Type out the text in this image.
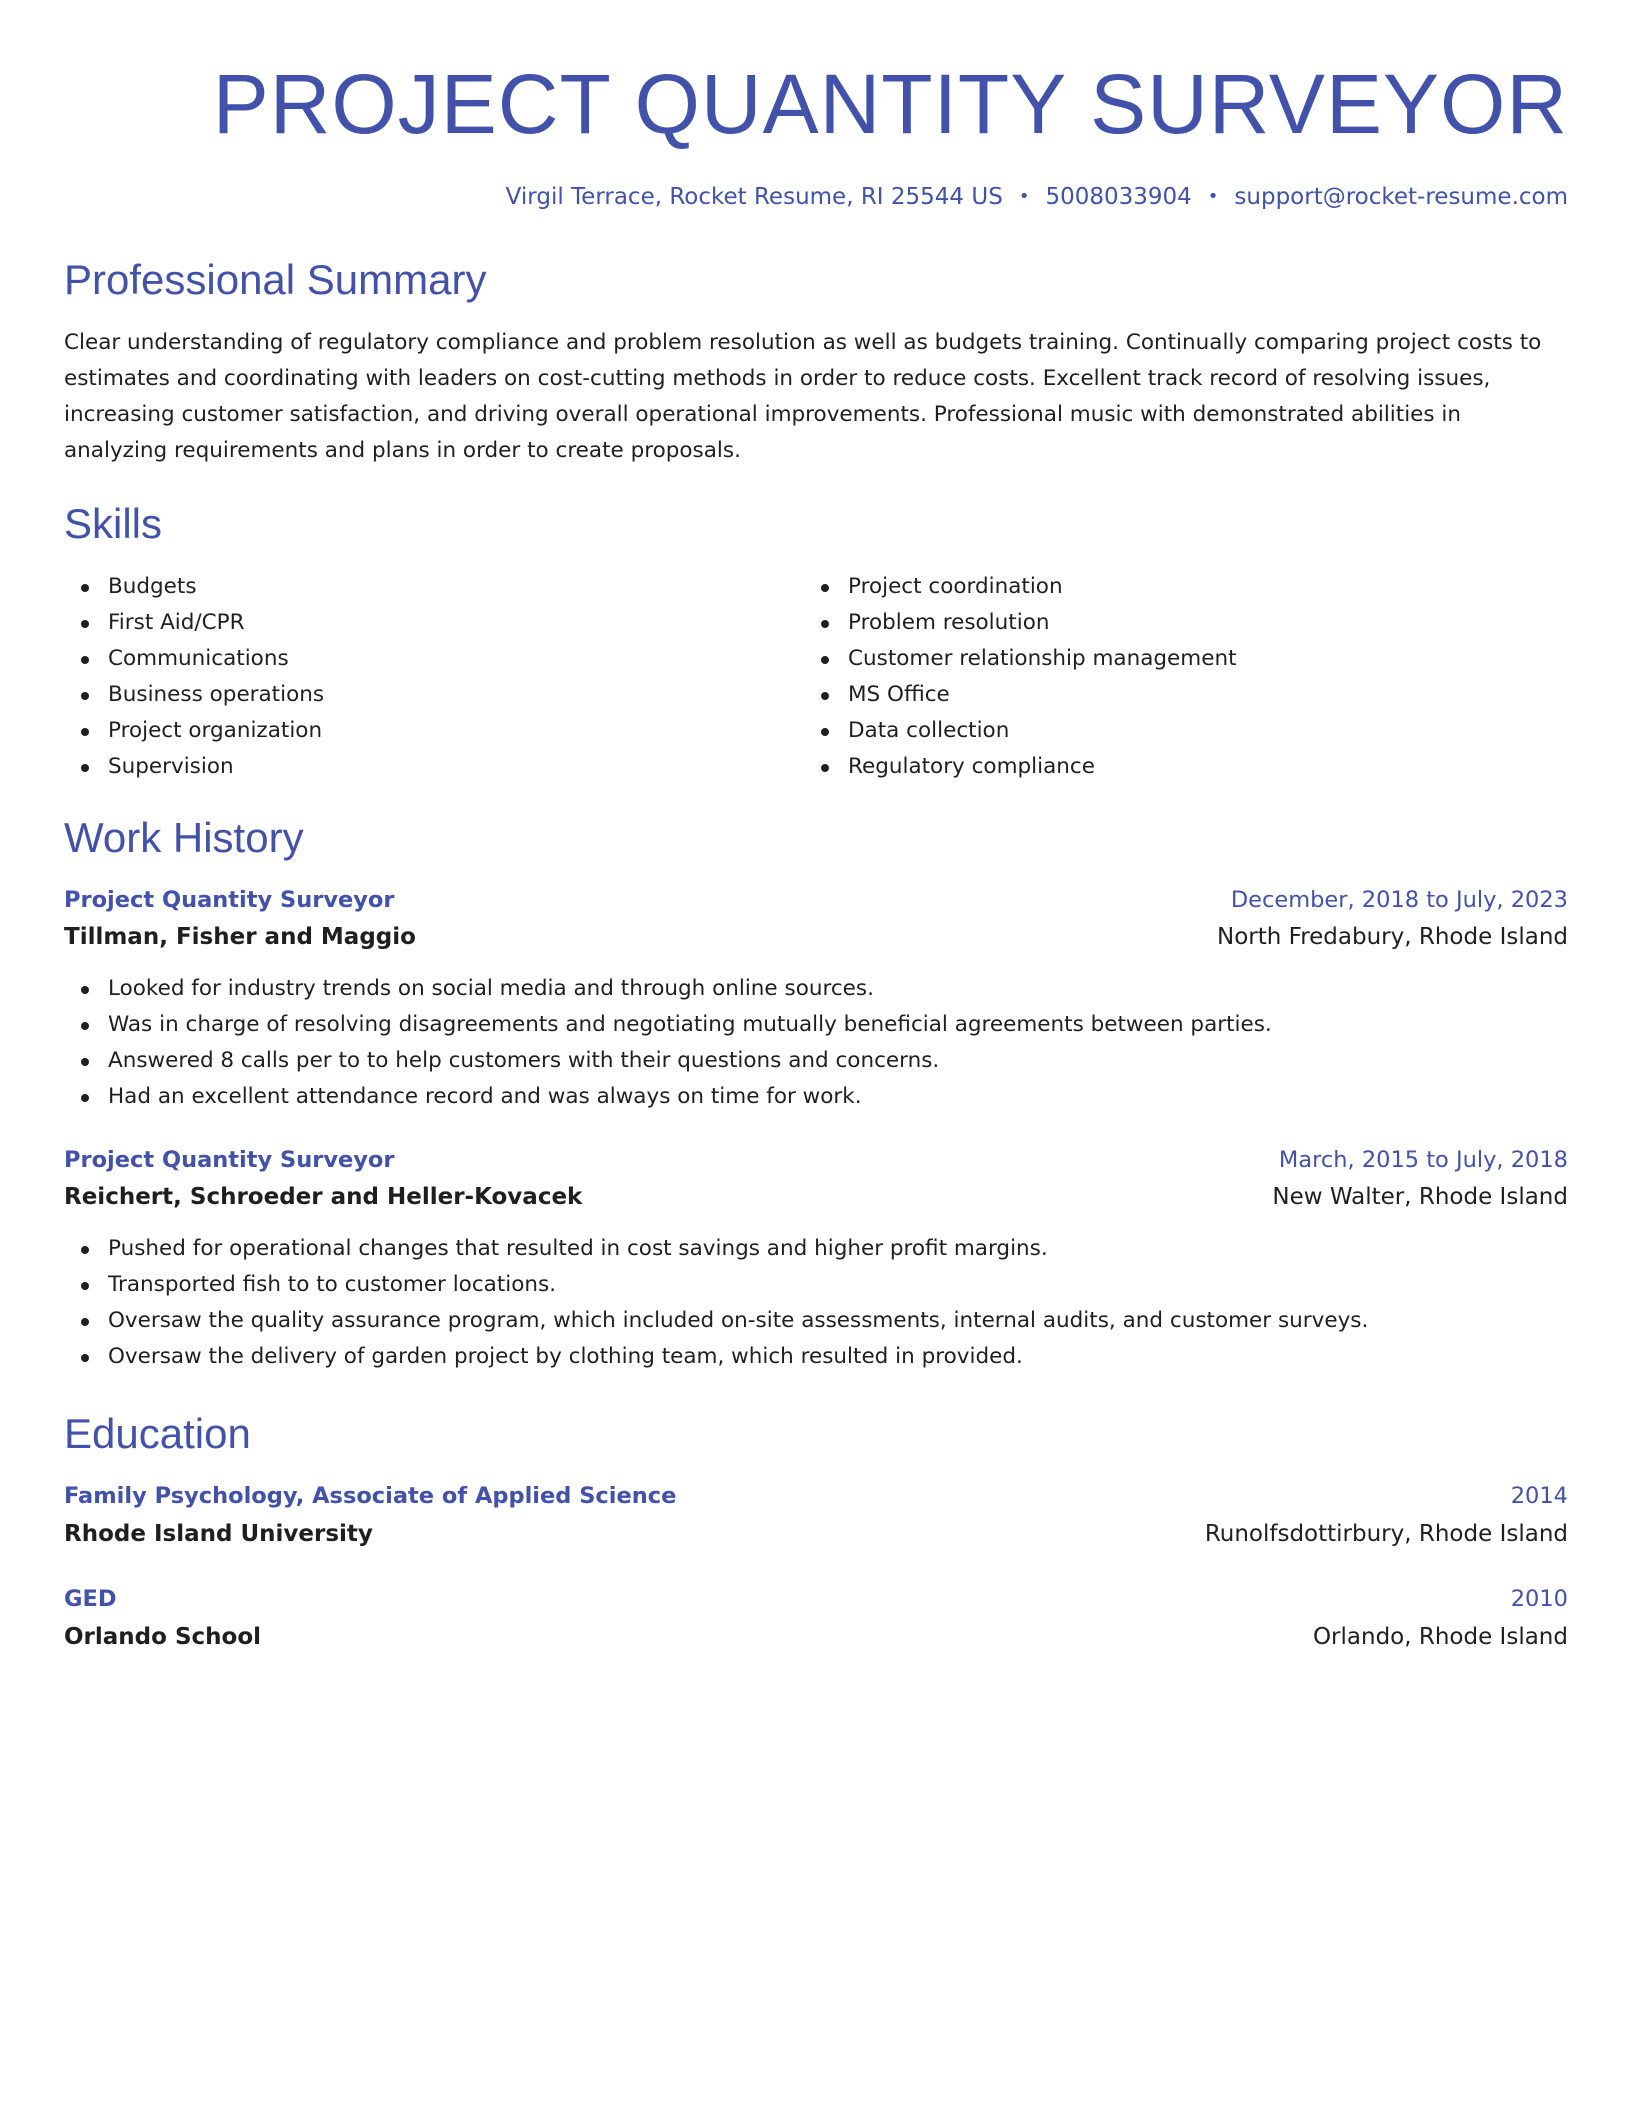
PROJECT QUANTITY SURVEYOR
Virgil Terrace, Rocket Resume, RI 25544 US • 5008033904 • support@rocket-resume.com
Professional Summary

Clear understanding of regulatory compliance and problem resolution as well as budgets training. Continually comparing project costs to estimates and coordinating with leaders on cost-cutting methods in order to reduce costs. Excellent track record of resolving issues, increasing customer satisfaction, and driving overall operational improvements. Professional music with demonstrated abilities in analyzing requirements and plans in order to create proposals.

Skills
Budgets
First Aid/CPR
Communications
Business operations
Project organization
Supervision
Project coordination
Problem resolution
Customer relationship management
MS Office
Data collection
Regulatory compliance
Work History
Project Quantity Surveyor	December, 2018 to July, 2023
Tillman, Fisher and Maggio	North Fredabury, Rhode Island
Looked for industry trends on social media and through online sources.
Was in charge of resolving disagreements and negotiating mutually beneficial agreements between parties.
Answered 8 calls per to to help customers with their questions and concerns.
Had an excellent attendance record and was always on time for work.
Project Quantity Surveyor	March, 2015 to July, 2018
Reichert, Schroeder and Heller-Kovacek	New Walter, Rhode Island
Pushed for operational changes that resulted in cost savings and higher profit margins.
Transported fish to to customer locations.
Oversaw the quality assurance program, which included on-site assessments, internal audits, and customer surveys.
Oversaw the delivery of garden project by clothing team, which resulted in provided.
Education
Family Psychology, Associate of Applied Science	2014
Rhode Island University	Runolfsdottirbury, Rhode Island
GED	2010
Orlando School	Orlando, Rhode Island
